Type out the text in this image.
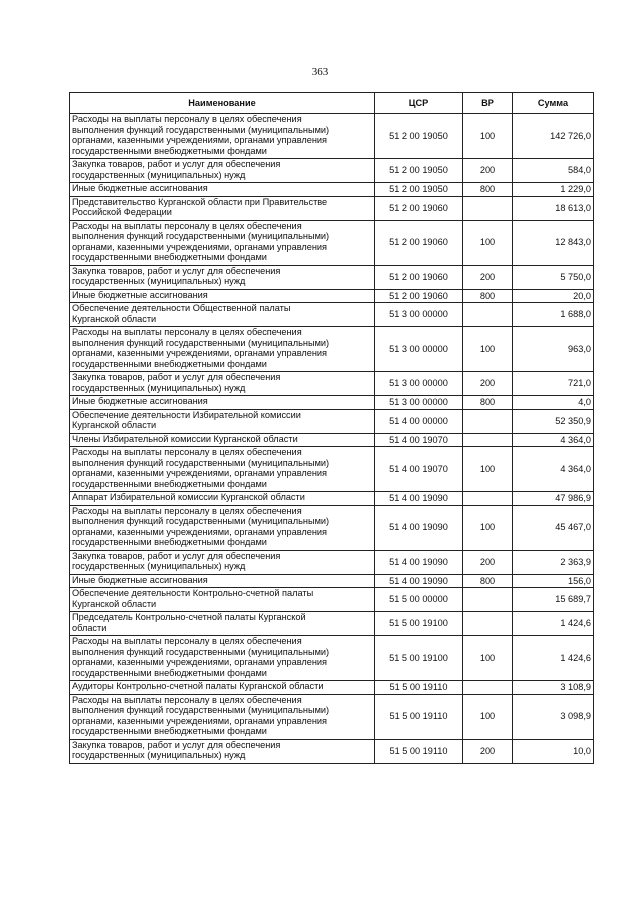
363
Наименование	ЦСР	ВР	Сумма

Расходы на выплаты персоналу в целях обеспечения
выполнения функций государственными (муниципальными)
органами, казенными учреждениями, органами управления
государственными внебюджетными фондами	51 2 00 19050	100	142 726,0

Закупка товаров, работ и услуг для обеспечения
государственных (муниципальных) нужд	51 2 00 19050	200	584,0

Иные бюджетные ассигнования	51 2 00 19050	800	1 229,0

Представительство Курганской области при Правительстве
Российской Федерации	51 2 00 19060		18 613,0

Расходы на выплаты персоналу в целях обеспечения
выполнения функций государственными (муниципальными)
органами, казенными учреждениями, органами управления
государственными внебюджетными фондами	51 2 00 19060	100	12 843,0

Закупка товаров, работ и услуг для обеспечения
государственных (муниципальных) нужд	51 2 00 19060	200	5 750,0

Иные бюджетные ассигнования	51 2 00 19060	800	20,0

Обеспечение деятельности Общественной палаты
Курганской области	51 3 00 00000		1 688,0

Расходы на выплаты персоналу в целях обеспечения
выполнения функций государственными (муниципальными)
органами, казенными учреждениями, органами управления
государственными внебюджетными фондами	51 3 00 00000	100	963,0

Закупка товаров, работ и услуг для обеспечения
государственных (муниципальных) нужд	51 3 00 00000	200	721,0

Иные бюджетные ассигнования	51 3 00 00000	800	4,0

Обеспечение деятельности Избирательной комиссии
Курганской области	51 4 00 00000		52 350,9

Члены Избирательной комиссии Курганской области	51 4 00 19070		4 364,0

Расходы на выплаты персоналу в целях обеспечения
выполнения функций государственными (муниципальными)
органами, казенными учреждениями, органами управления
государственными внебюджетными фондами	51 4 00 19070	100	4 364,0

Аппарат Избирательной комиссии Курганской области	51 4 00 19090		47 986,9

Расходы на выплаты персоналу в целях обеспечения
выполнения функций государственными (муниципальными)
органами, казенными учреждениями, органами управления
государственными внебюджетными фондами	51 4 00 19090	100	45 467,0

Закупка товаров, работ и услуг для обеспечения
государственных (муниципальных) нужд	51 4 00 19090	200	2 363,9

Иные бюджетные ассигнования	51 4 00 19090	800	156,0

Обеспечение деятельности Контрольно-счетной палаты
Курганской области	51 5 00 00000		15 689,7

Председатель Контрольно-счетной палаты Курганской
области	51 5 00 19100		1 424,6

Расходы на выплаты персоналу в целях обеспечения
выполнения функций государственными (муниципальными)
органами, казенными учреждениями, органами управления
государственными внебюджетными фондами	51 5 00 19100	100	1 424,6

Аудиторы Контрольно-счетной палаты Курганской области	51 5 00 19110		3 108,9

Расходы на выплаты персоналу в целях обеспечения
выполнения функций государственными (муниципальными)
органами, казенными учреждениями, органами управления
государственными внебюджетными фондами	51 5 00 19110	100	3 098,9

Закупка товаров, работ и услуг для обеспечения
государственных (муниципальных) нужд	51 5 00 19110	200	10,0
